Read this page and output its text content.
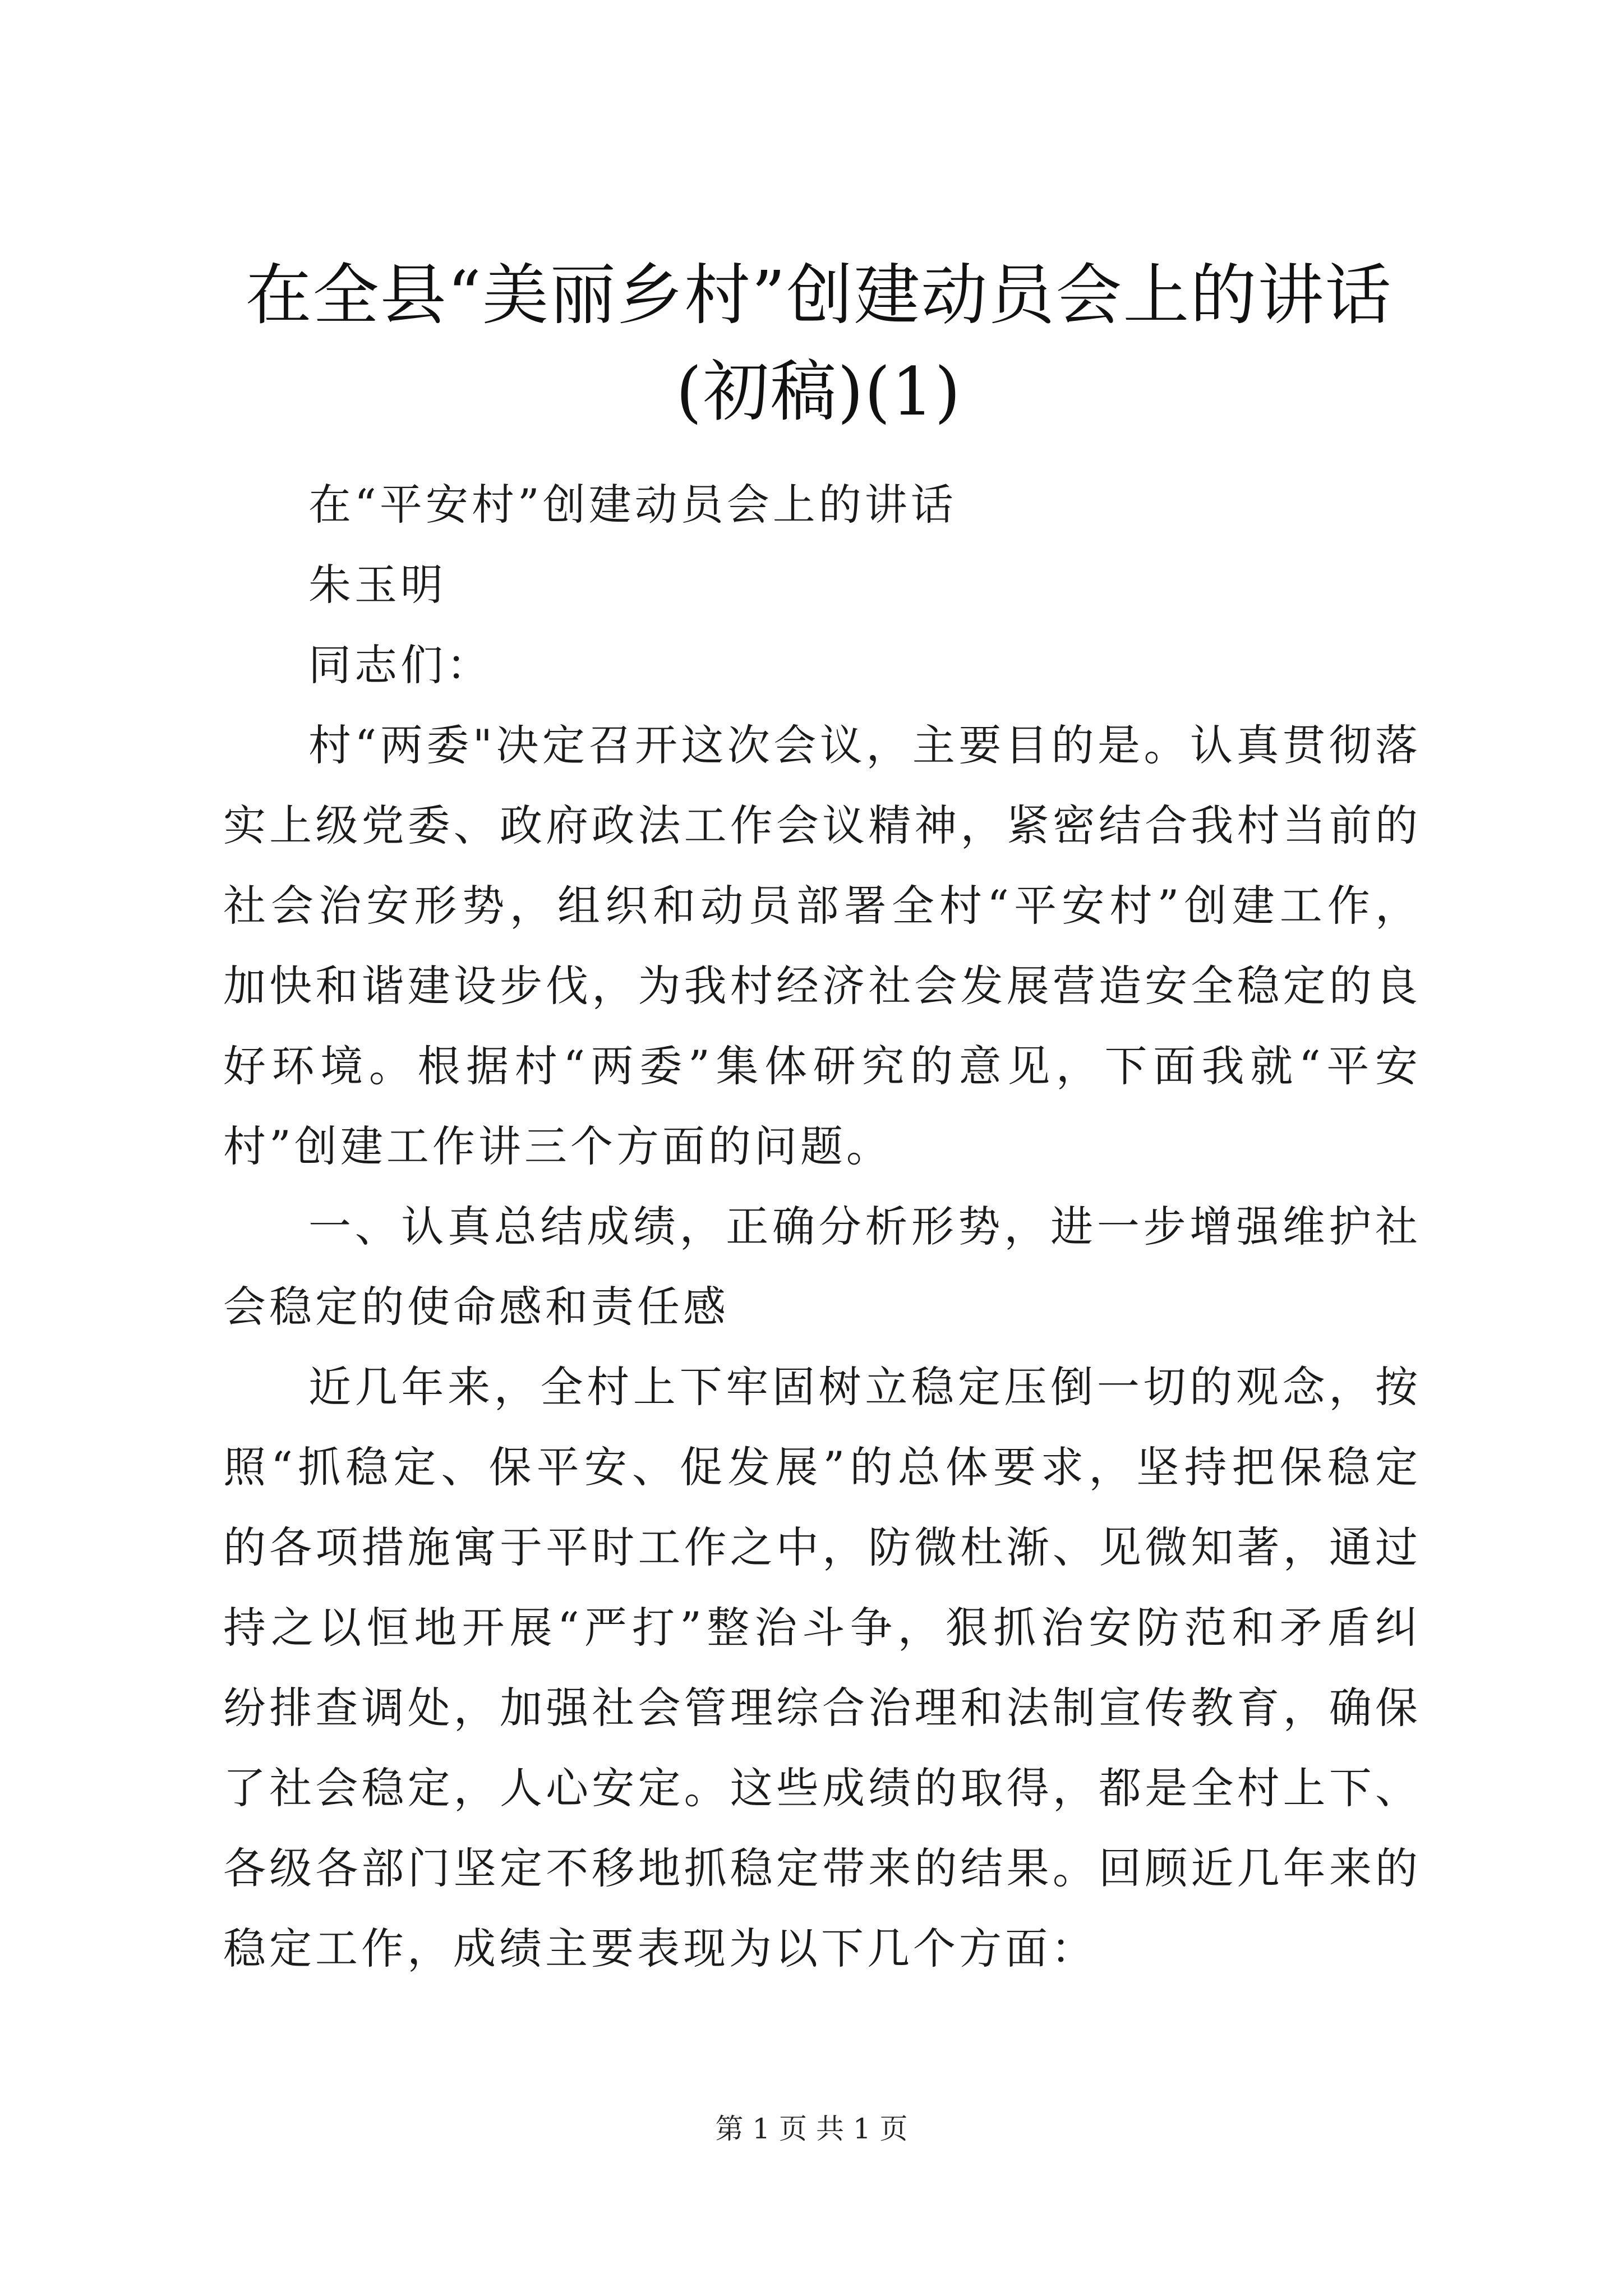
在全县“美丽乡村”创建动员会上的讲话(初稿)(1)

在“平安村”创建动员会上的讲话

朱玉明

同志们：

村“两委"决定召开这次会议，主要目的是。认真贯彻落实上级党委、政府政法工作会议精神，紧密结合我村当前的社会治安形势，组织和动员部署全村“平安村”创建工作，加快和谐建设步伐，为我村经济社会发展营造安全稳定的良好环境。根据村“两委”集体研究的意见，下面我就“平安村”创建工作讲三个方面的问题。

一、认真总结成绩，正确分析形势，进一步增强维护社会稳定的使命感和责任感

近几年来，全村上下牢固树立稳定压倒一切的观念，按照“抓稳定、保平安、促发展”的总体要求，坚持把保稳定的各项措施寓于平时工作之中，防微杜渐、见微知著，通过持之以恒地开展“严打”整治斗争，狠抓治安防范和矛盾纠纷排查调处，加强社会管理综合治理和法制宣传教育，确保了社会稳定，人心安定。这些成绩的取得，都是全村上下、各级各部门坚定不移地抓稳定带来的结果。回顾近几年来的稳定工作，成绩主要表现为以下几个方面：

第 1 页 共 1 页
